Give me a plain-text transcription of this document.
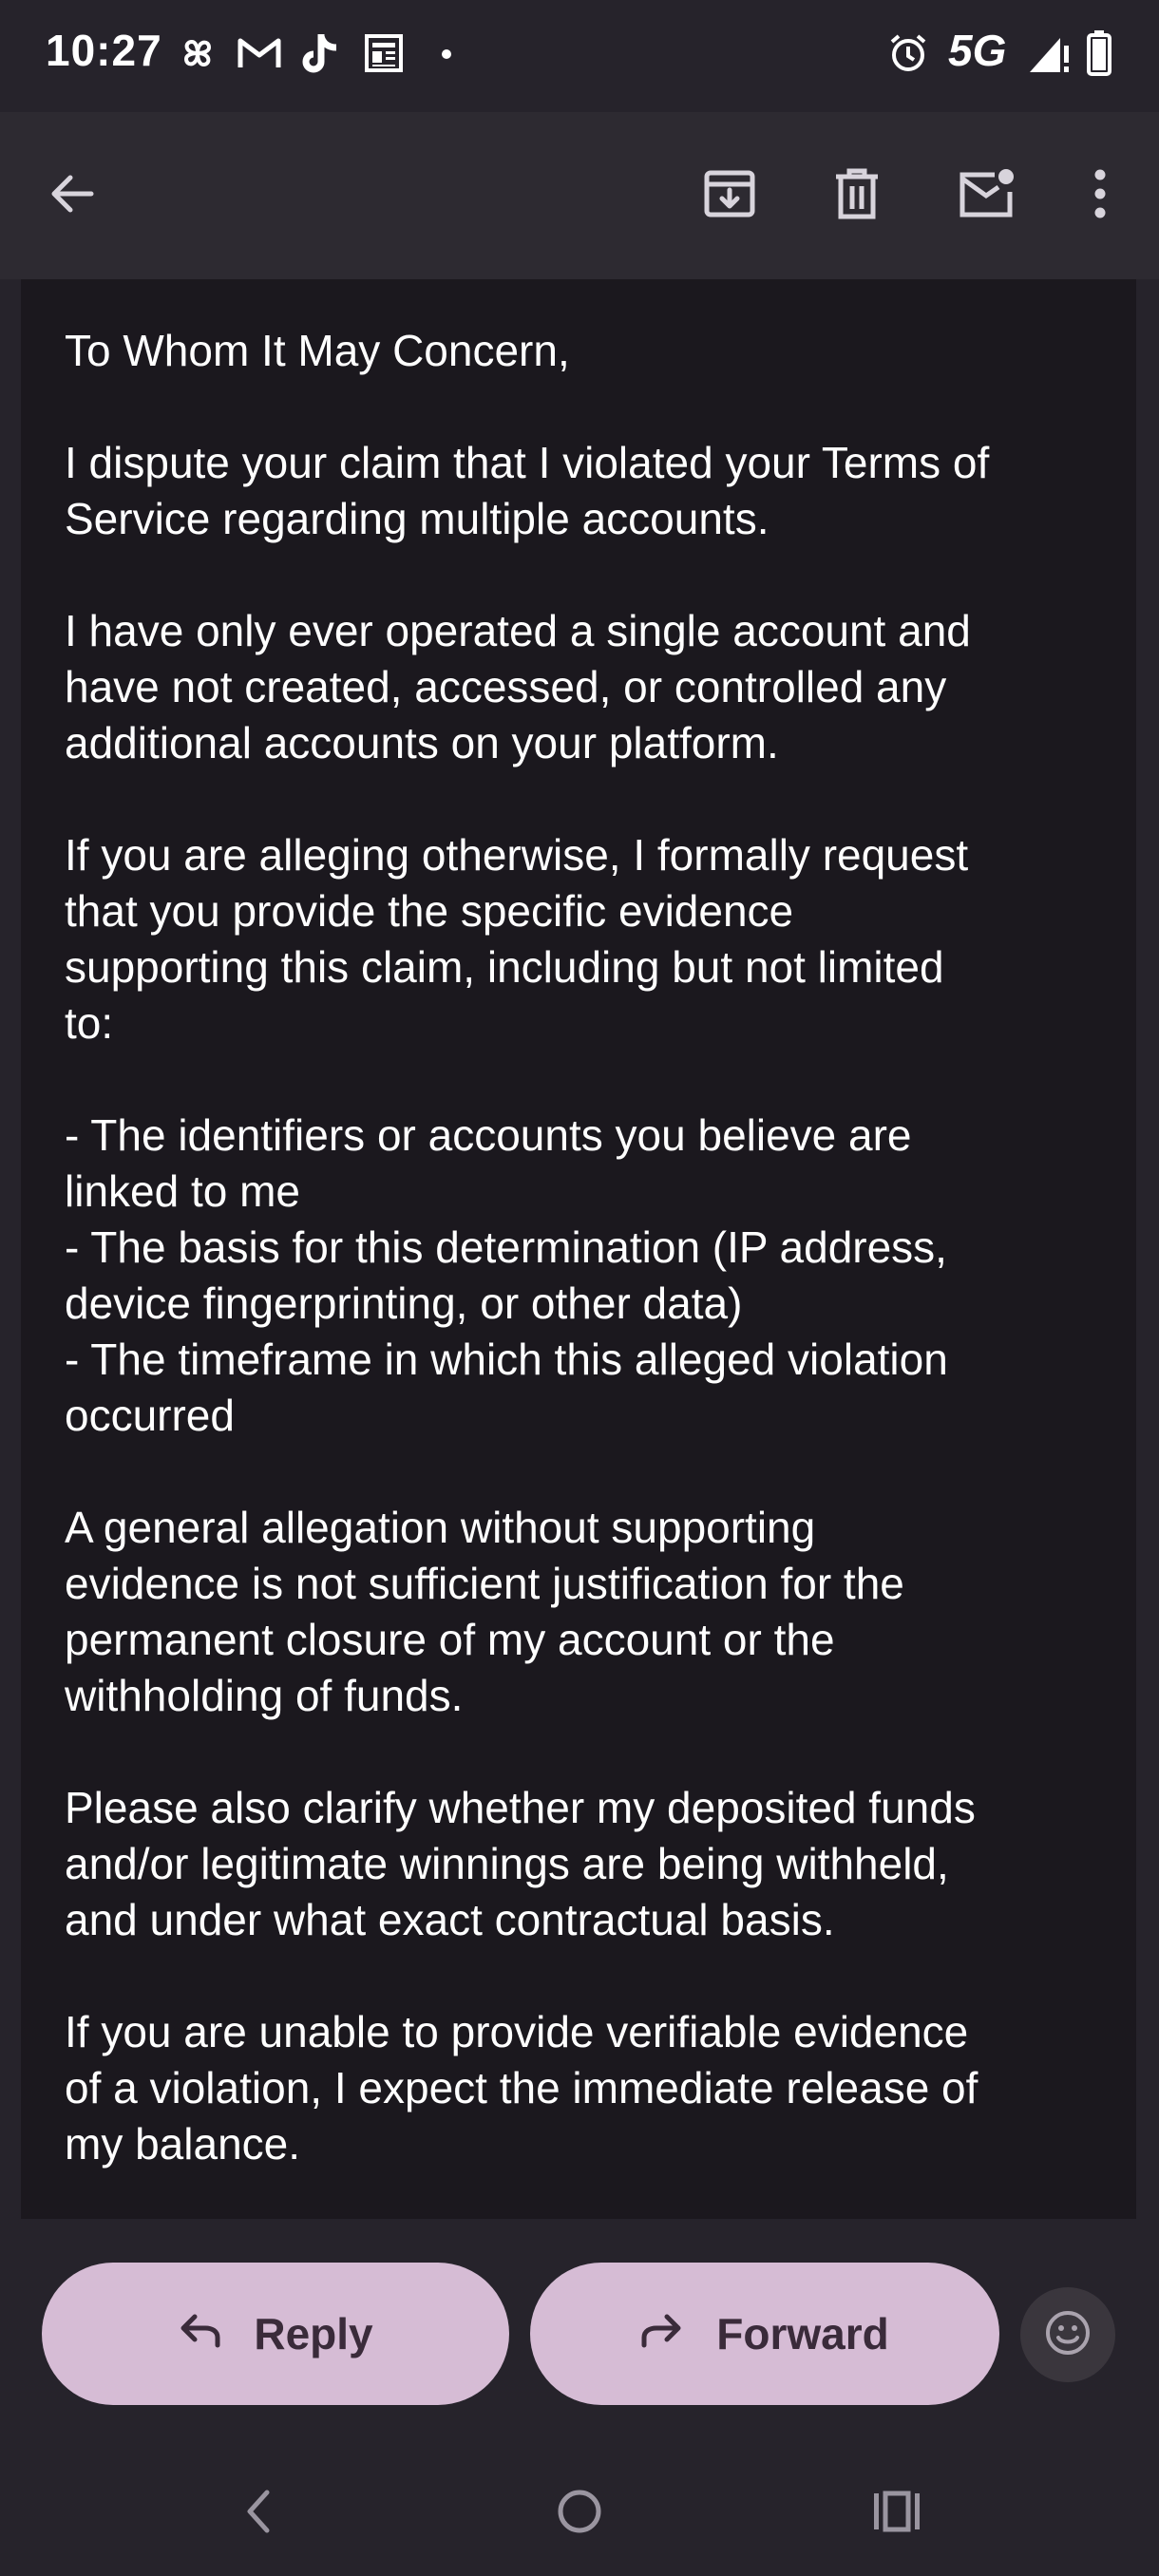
10:27	5G

To Whom It May Concern,

I dispute your claim that I violated your Terms of
Service regarding multiple accounts.

I have only ever operated a single account and
have not created, accessed, or controlled any
additional accounts on your platform.

If you are alleging otherwise, I formally request
that you provide the specific evidence
supporting this claim, including but not limited
to:

- The identifiers or accounts you believe are
linked to me
- The basis for this determination (IP address,
device fingerprinting, or other data)
- The timeframe in which this alleged violation
occurred

A general allegation without supporting
evidence is not sufficient justification for the
permanent closure of my account or the
withholding of funds.

Please also clarify whether my deposited funds
and/or legitimate winnings are being withheld,
and under what exact contractual basis.

If you are unable to provide verifiable evidence
of a violation, I expect the immediate release of
my balance.

Reply	Forward
